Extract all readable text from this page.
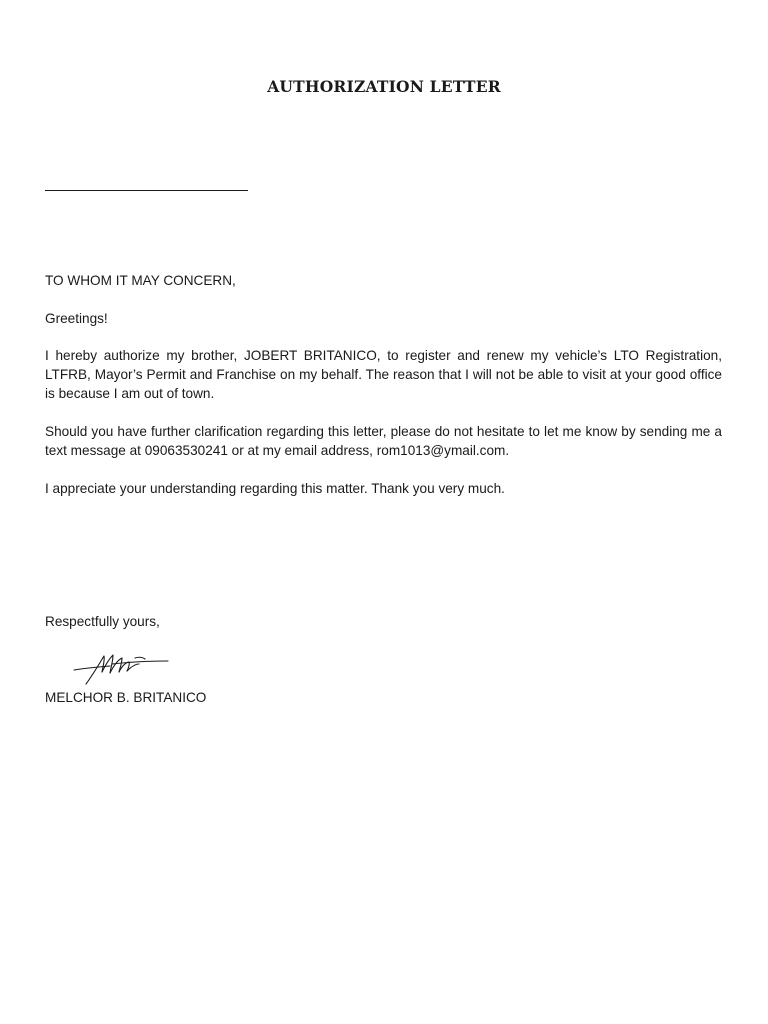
AUTHORIZATION LETTER

TO WHOM IT MAY CONCERN,

Greetings!

I hereby authorize my brother, JOBERT BRITANICO, to register and renew my vehicle’s LTO Registration, LTFRB, Mayor’s Permit and Franchise on my behalf. The reason that I will not be able to visit at your good office is because I am out of town.

Should you have further clarification regarding this letter, please do not hesitate to let me know by sending me a text message at 09063530241 or at my email address, rom1013@ymail.com.

I appreciate your understanding regarding this matter. Thank you very much.

Respectfully yours,

MELCHOR B. BRITANICO
